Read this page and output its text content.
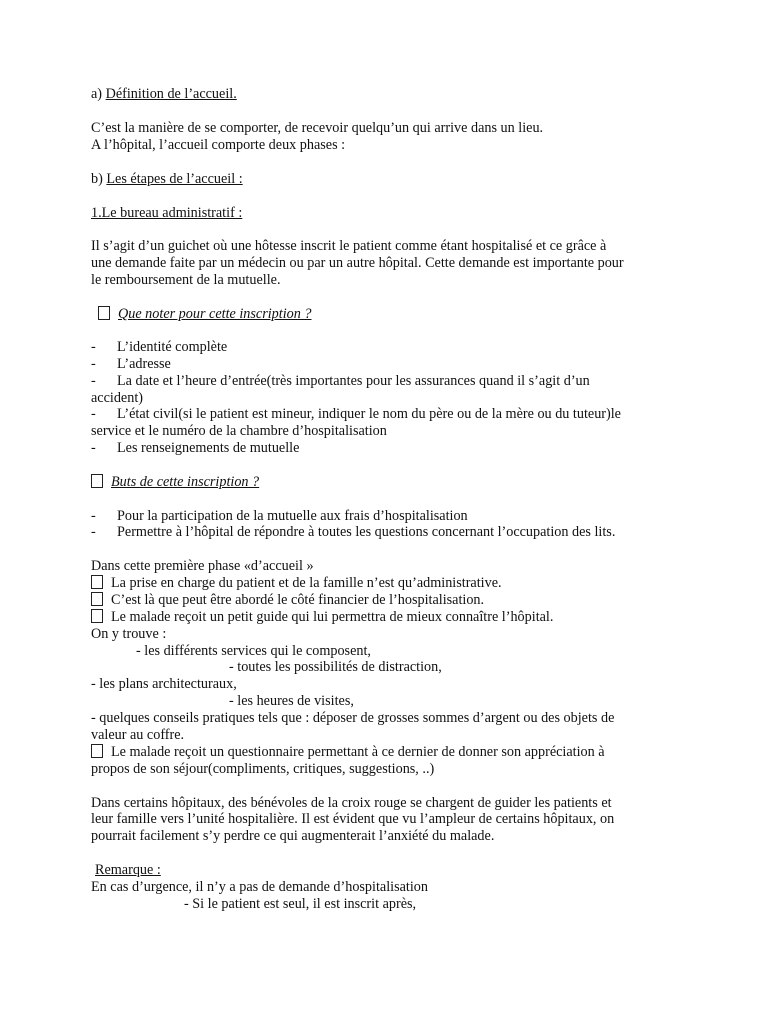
a) Définition de l’accueil.
C’est la manière de se comporter, de recevoir quelqu’un qui arrive dans un lieu.
A l’hôpital, l’accueil comporte deux phases :
b) Les étapes de l’accueil :
1.Le bureau administratif :
Il s’agit d’un guichet où une hôtesse inscrit le patient comme étant hospitalisé et ce grâce à
une demande faite par un médecin ou par un autre hôpital. Cette demande est importante pour
le remboursement de la mutuelle.
Que noter pour cette inscription ?
- L’identité complète
- L’adresse
- La date et l’heure d’entrée(très importantes pour les assurances quand il s’agit d’un
accident)
- L’état civil(si le patient est mineur, indiquer le nom du père ou de la mère ou du tuteur)le
service et le numéro de la chambre d’hospitalisation
- Les renseignements de mutuelle
Buts de cette inscription ?
- Pour la participation de la mutuelle aux frais d’hospitalisation
- Permettre à l’hôpital de répondre à toutes les questions concernant l’occupation des lits.
Dans cette première phase «d’accueil »
La prise en charge du patient et de la famille n’est qu’administrative.
C’est là que peut être abordé le côté financier de l’hospitalisation.
Le malade reçoit un petit guide qui lui permettra de mieux connaître l’hôpital.
On y trouve :
- les différents services qui le composent,
- toutes les possibilités de distraction,
- les plans architecturaux,
- les heures de visites,
- quelques conseils pratiques tels que : déposer de grosses sommes d’argent ou des objets de
valeur au coffre.
Le malade reçoit un questionnaire permettant à ce dernier de donner son appréciation à
propos de son séjour(compliments, critiques, suggestions, ..)
Dans certains hôpitaux, des bénévoles de la croix rouge se chargent de guider les patients et
leur famille vers l’unité hospitalière. Il est évident que vu l’ampleur de certains hôpitaux, on
pourrait facilement s’y perdre ce qui augmenterait l’anxiété du malade.
Remarque :
En cas d’urgence, il n’y a pas de demande d’hospitalisation
- Si le patient est seul, il est inscrit après,
